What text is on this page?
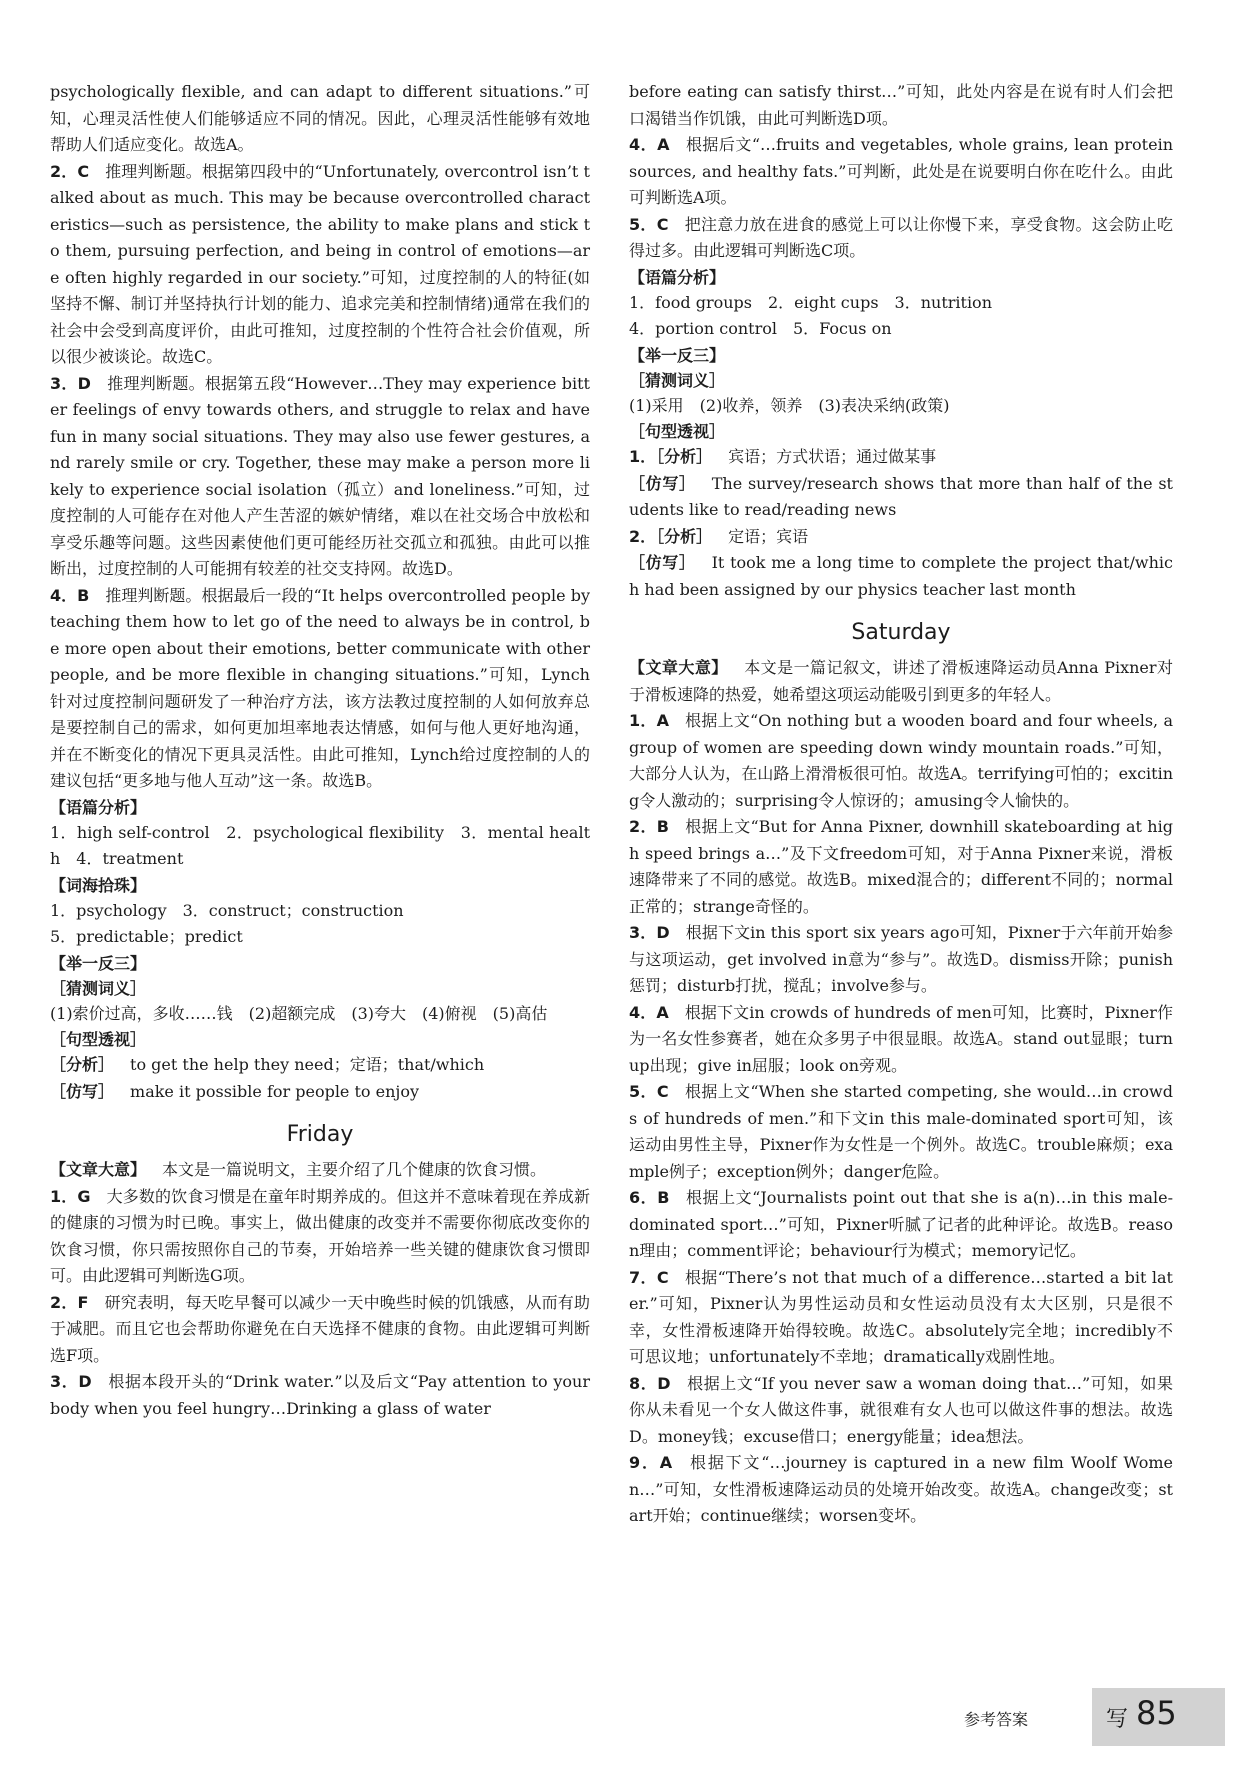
psychologically flexible, and can adapt to different situations.”可知，心理灵活性使人们能够适应不同的情况。因此，心理灵活性能够有效地帮助人们适应变化。故选A。

2．C  推理判断题。根据第四段中的“Unfortunately, overcontrol isn’t talked about as much. This may be because overcontrolled characteristics—such as persistence, the ability to make plans and stick to them, pursuing perfection, and being in control of emotions—are often highly regarded in our society.”可知，过度控制的人的特征(如坚持不懈、制订并坚持执行计划的能力、追求完美和控制情绪)通常在我们的社会中会受到高度评价，由此可推知，过度控制的个性符合社会价值观，所以很少被谈论。故选C。

3．D  推理判断题。根据第五段“However…They may experience bitter feelings of envy towards others, and struggle to relax and have fun in many social situations. They may also use fewer gestures, and rarely smile or cry. Together, these may make a person more likely to experience social isolation（孤立）and loneliness.”可知，过度控制的人可能存在对他人产生苦涩的嫉妒情绪，难以在社交场合中放松和享受乐趣等问题。这些因素使他们更可能经历社交孤立和孤独。由此可以推断出，过度控制的人可能拥有较差的社交支持网。故选D。

4．B  推理判断题。根据最后一段的“It helps overcontrolled people by teaching them how to let go of the need to always be in control, be more open about their emotions, better communicate with other people, and be more flexible in changing situations.”可知，Lynch针对过度控制问题研发了一种治疗方法，该方法教过度控制的人如何放弃总是要控制自己的需求，如何更加坦率地表达情感，如何与他人更好地沟通，并在不断变化的情况下更具灵活性。由此可推知，Lynch给过度控制的人的建议包括“更多地与他人互动”这一条。故选B。

【语篇分析】

1．high self-control　2．psychological flexibility　3．mental health　4．treatment

【词海拾珠】

1．psychology　3．construct；construction

5．predictable；predict

【举一反三】

［猜测词义］

(1)索价过高，多收……钱　(2)超额完成　(3)夸大　(4)俯视　(5)高估

［句型透视］

［分析］  to get the help they need；定语；that/which

［仿写］  make it possible for people to enjoy

Friday

【文章大意】  本文是一篇说明文，主要介绍了几个健康的饮食习惯。

1．G  大多数的饮食习惯是在童年时期养成的。但这并不意味着现在养成新的健康的习惯为时已晚。事实上，做出健康的改变并不需要你彻底改变你的饮食习惯，你只需按照你自己的节奏，开始培养一些关键的健康饮食习惯即可。由此逻辑可判断选G项。

2．F  研究表明，每天吃早餐可以减少一天中晚些时候的饥饿感，从而有助于减肥。而且它也会帮助你避免在白天选择不健康的食物。由此逻辑可判断选F项。

3．D  根据本段开头的“Drink water.”以及后文“Pay attention to your body when you feel hungry…Drinking a glass of water

before eating can satisfy thirst…”可知，此处内容是在说有时人们会把口渴错当作饥饿，由此可判断选D项。

4．A  根据后文“…fruits and vegetables, whole grains, lean protein sources, and healthy fats.”可判断，此处是在说要明白你在吃什么。由此可判断选A项。

5．C  把注意力放在进食的感觉上可以让你慢下来，享受食物。这会防止吃得过多。由此逻辑可判断选C项。

【语篇分析】

1．food groups　2．eight cups　3．nutrition

4．portion control　5．Focus on

【举一反三】

［猜测词义］

(1)采用　(2)收养，领养　(3)表决采纳(政策)

［句型透视］

1．［分析］  宾语；方式状语；通过做某事

［仿写］  The survey/research shows that more than half of the students like to read/reading news

2．［分析］  定语；宾语

［仿写］  It took me a long time to complete the project that/which had been assigned by our physics teacher last month

Saturday

【文章大意】  本文是一篇记叙文，讲述了滑板速降运动员Anna Pixner对于滑板速降的热爱，她希望这项运动能吸引到更多的年轻人。

1．A  根据上文“On nothing but a wooden board and four wheels, a group of women are speeding down windy mountain roads.”可知，大部分人认为，在山路上滑滑板很可怕。故选A。terrifying可怕的；exciting令人激动的；surprising令人惊讶的；amusing令人愉快的。

2．B  根据上文“But for Anna Pixner, downhill skateboarding at high speed brings a…”及下文freedom可知，对于Anna Pixner来说，滑板速降带来了不同的感觉。故选B。mixed混合的；different不同的；normal正常的；strange奇怪的。

3．D  根据下文in this sport six years ago可知，Pixner于六年前开始参与这项运动，get involved in意为“参与”。故选D。dismiss开除；punish惩罚；disturb打扰，搅乱；involve参与。

4．A  根据下文in crowds of hundreds of men可知，比赛时，Pixner作为一名女性参赛者，她在众多男子中很显眼。故选A。stand out显眼；turn up出现；give in屈服；look on旁观。

5．C  根据上文“When she started competing, she would…in crowds of hundreds of men.”和下文in this male-dominated sport可知，该运动由男性主导，Pixner作为女性是一个例外。故选C。trouble麻烦；example例子；exception例外；danger危险。

6．B  根据上文“Journalists point out that she is a(n)…in this male-dominated sport…”可知，Pixner听腻了记者的此种评论。故选B。reason理由；comment评论；behaviour行为模式；memory记忆。

7．C  根据“There’s not that much of a difference…started a bit later.”可知，Pixner认为男性运动员和女性运动员没有太大区别，只是很不幸，女性滑板速降开始得较晚。故选C。absolutely完全地；incredibly不可思议地；unfortunately不幸地；dramatically戏剧性地。

8．D  根据上文“If you never saw a woman doing that…”可知，如果你从未看见一个女人做这件事，就很难有女人也可以做这件事的想法。故选D。money钱；excuse借口；energy能量；idea想法。

9．A  根据下文“…journey is captured in a new film Woolf Women…”可知，女性滑板速降运动员的处境开始改变。故选A。change改变；start开始；continue继续；worsen变坏。

参考答案	写 85
